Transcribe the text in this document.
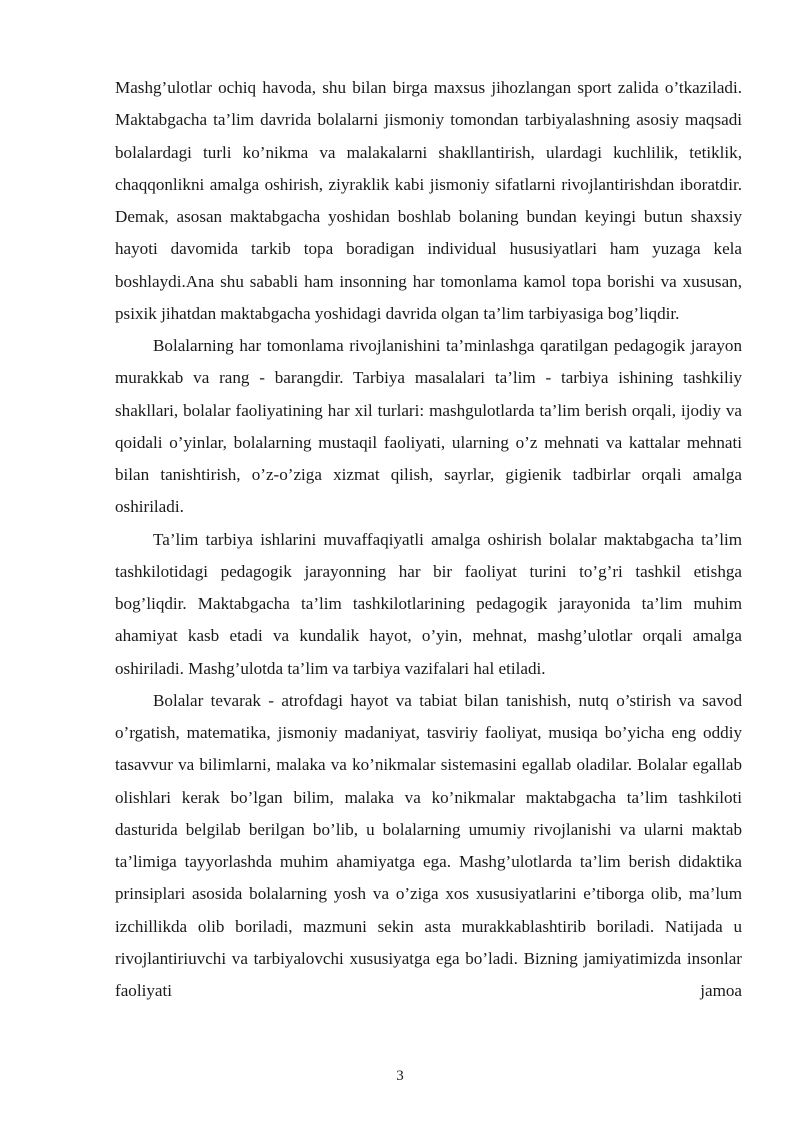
Mashg’ulotlar ochiq havoda, shu bilan birga maxsus jihozlangan sport zalida o’tkaziladi. Maktabgacha ta’lim davrida bolalarni jismoniy tomondan tarbiyalashning asosiy maqsadi bolalardagi turli ko’nikma va malakalarni shakllantirish, ulardagi kuchlilik, tetiklik, chaqqonlikni amalga oshirish, ziyraklik kabi jismoniy sifatlarni rivojlantirishdan iboratdir. Demak, asosan maktabgacha yoshidan boshlab bolaning bundan keyingi butun shaxsiy hayoti davomida tarkib topa boradigan individual hususiyatlari ham yuzaga kela boshlaydi.Ana shu sababli ham insonning har tomonlama kamol topa borishi va xususan, psixik jihatdan maktabgacha yoshidagi davrida olgan ta’lim tarbiyasiga bog’liqdir.

Bolalarning har tomonlama rivojlanishini ta’minlashga qaratilgan pedagogik jarayon murakkab va rang - barangdir. Tarbiya masalalari ta’lim - tarbiya ishining tashkiliy shakllari, bolalar faoliyatining har xil turlari: mashgulotlarda ta’lim berish orqali, ijodiy va qoidali o’yinlar, bolalarning mustaqil faoliyati, ularning o’z mehnati va kattalar mehnati bilan tanishtirish, o’z-o’ziga xizmat qilish, sayrlar, gigienik tadbirlar orqali amalga oshiriladi.

Ta’lim tarbiya ishlarini muvaffaqiyatli amalga oshirish bolalar maktabgacha ta’lim tashkilotidagi pedagogik jarayonning har bir faoliyat turini to’g’ri tashkil etishga bog’liqdir. Maktabgacha ta’lim tashkilotlarining pedagogik jarayonida ta’lim muhim ahamiyat kasb etadi va kundalik hayot, o’yin, mehnat, mashg’ulotlar orqali amalga oshiriladi. Mashg’ulotda ta’lim va tarbiya vazifalari hal etiladi.

Bolalar tevarak - atrofdagi hayot va tabiat bilan tanishish, nutq o’stirish va savod o’rgatish, matematika, jismoniy madaniyat, tasviriy faoliyat, musiqa bo’yicha eng oddiy tasavvur va bilimlarni, malaka va ko’nikmalar sistemasini egallab oladilar. Bolalar egallab olishlari kerak bo’lgan bilim, malaka va ko’nikmalar maktabgacha ta’lim tashkiloti dasturida belgilab berilgan bo’lib, u bolalarning umumiy rivojlanishi va ularni maktab ta’limiga tayyorlashda muhim ahamiyatga ega. Mashg’ulotlarda ta’lim berish didaktika prinsiplari asosida bolalarning yosh va o’ziga xos xususiyatlarini e’tiborga olib, ma’lum izchillikda olib boriladi, mazmuni sekin asta murakkablashtirib boriladi. Natijada u rivojlantiriuvchi va tarbiyalovchi xususiyatga ega bo’ladi. Bizning jamiyatimizda insonlar faoliyati jamoa

3
